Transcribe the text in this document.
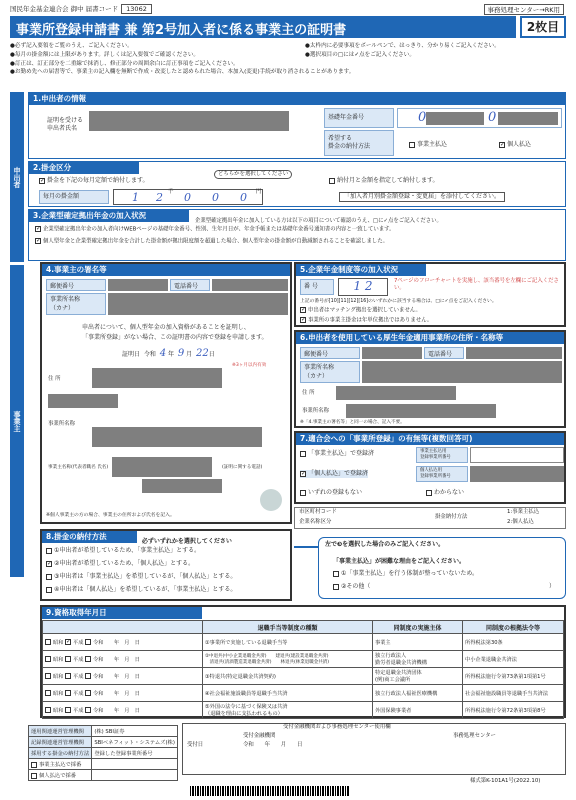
国民年金基金連合会 御中 届書コード 13062	事務処理センター→RK用
事業所登録申請書 兼 第2号加入者に係る事業主の証明書	2枚目
●必ず記入要領をご覧のうえ、ご記入ください。
●毎月の掛金額には上限があります。詳しくは記入要領でご確認ください。
●訂正は、訂正部分を二重線で抹消し、修正部分の周囲余白に訂正事項をご記入ください。
●太枠内に必要事項をボールペンで、はっきり、分かり易くご記入ください。
●選択項目の□には✓点をご記入ください。
●お勤め先への届書等で、事業主の記入欄を無断で作成・改変したと認められた場合、本加入(変更)手続が取り消されることがあります。
申出者
1.申出者の情報
証明を受ける
申出者氏名
基礎年金番号	0	0
希望する
掛金の納付方法	事業主払込	✓ 個人払込
2.掛金区分
✓ 掛金を下記の毎月定額で納付します。
どちらかを選択してください
納付月と金額を指定して納付します。
毎月の掛金額	1 2 千 0 0 0 円
「加入者月別掛金額登録・変更届」を添付してください。
3.企業型確定拠出年金の加入状況 企業型確定拠出年金に加入している方は以下の項目について確認のうえ、□に✓点をご記入ください。
✓ 企業型確定拠出年金の加入者向けWEBページの基礎年金番号、性別、生年月日が、年金手帳または基礎年金番号通知書の内容と一致しています。
✓ 個人型年金と企業型確定拠出年金を合計した掛金額が拠出限度額を超過した場合、個人型年金の掛金額が自動減額されることを確認しました。
事業主
4.事業主の署名等
郵便番号	電話番号
事業所名称
（カナ）
申出者について、個人型年金の加入資格があることを証明し、
「事業所登録」がない場合、この証明書の内容で登録を申請します。
証明日 令和 4 年 9 月 22日
※3ヶ月以内有効
住 所
事業所名称
事業主名称(代表者職名 氏名)	(証明に関する電話)
※個人事業主の方の場合、事業主の住所および氏名を記入。
5.企業年金制度等の加入状況
番 号	1 2	7ページのフローチャートを実施し、該当番号を左欄にご記入ください。
上記の番号が[10][11][12][16]のいずれかに該当する場合は、□に✓点をご記入ください。
✓ 申出者はマッチング拠出を選択していません。
✓ 事業所の事業主掛金は年単位拠出ではありません。
6.申出者を使用している厚生年金適用事業所の住所・名称等
郵便番号	電話番号
事業所名称
（カナ）
住 所
事業所名称
※「4.事業主の署名等」と同一の場合、記入不要。
7.適合会への「事業所登録」の有無等(複数回答可)
「事業主払込」で登録済	事業主払込用
登録事業所番号
✓ 「個人払込」で登録済	個人払込用
登録事業所番号
いずれの登録もない	わからない
市区町村コード
企業名称区分
掛金納付方法
1:事業主払込
2:個人払込
8.掛金の納付方法 必ずいずれかを選択してください
①申出者が希望しているため、「事業主払込」とする。
✓ ②申出者が希望しているため、「個人払込」とする。
③申出者は「事業主払込」を希望しているが、「個人払込」とする。
④申出者は「個人払込」を希望しているが、「事業主払込」とする。
左で❸を選択した場合のみご記入ください。
「事業主払込」が困難な理由をご記入ください。
①「事業主払込」を行う体制が整っていないため。
②その他（	）
9.資格取得年月日
	退職手当等制度の種類	同制度の実施主体	同制度の根拠法令等
昭和 ✓ 平成 令和　　 年　 月　 日	①事業所で実施している退職手当等	事業主	所得税法第30条
昭和 平成 令和　　 年　 月　 日	②中退共(中小企業退職金共済)　　建退共(建設業退職金共済)
　清退共(清酒製造業退職金共済)　　林退共(林業退職金共済)	独立行政法人
勤労者退職金共済機構	中小企業退職金共済法
昭和 平成 令和　　 年　 月　 日	③特退共(特定退職金共済契約)	特定退職金共済団体
(例)商工会議所	所得税法施行令第73条第1項第1号
昭和 平成 令和　　 年　 月　 日	④社会福祉施設職員等退職手当共済	独立行政法人福祉医療機構	社会福祉施設職員等退職手当共済法
昭和 平成 令和　　 年　 月　 日	⑤外国の法令に基づく保険又は共済
（退職を理由に支払われるもの）	外国保険事業者	所得税法施行令第72条第3項第8号
運用関連運営管理機関	(株) SBI証券
記録関連運営管理機関	SBIベネフィット・システムズ(株)
採用する掛金の納付方法	登録した登録事業所番号
事業主払込で採番	
個人払込で採番	
受付金融機関および事務処理センター使用欄
受付金融機関	事務処理センター
受付日	令和　　 年　　 月　　 日
様式第K-101A1号(2022.10)
